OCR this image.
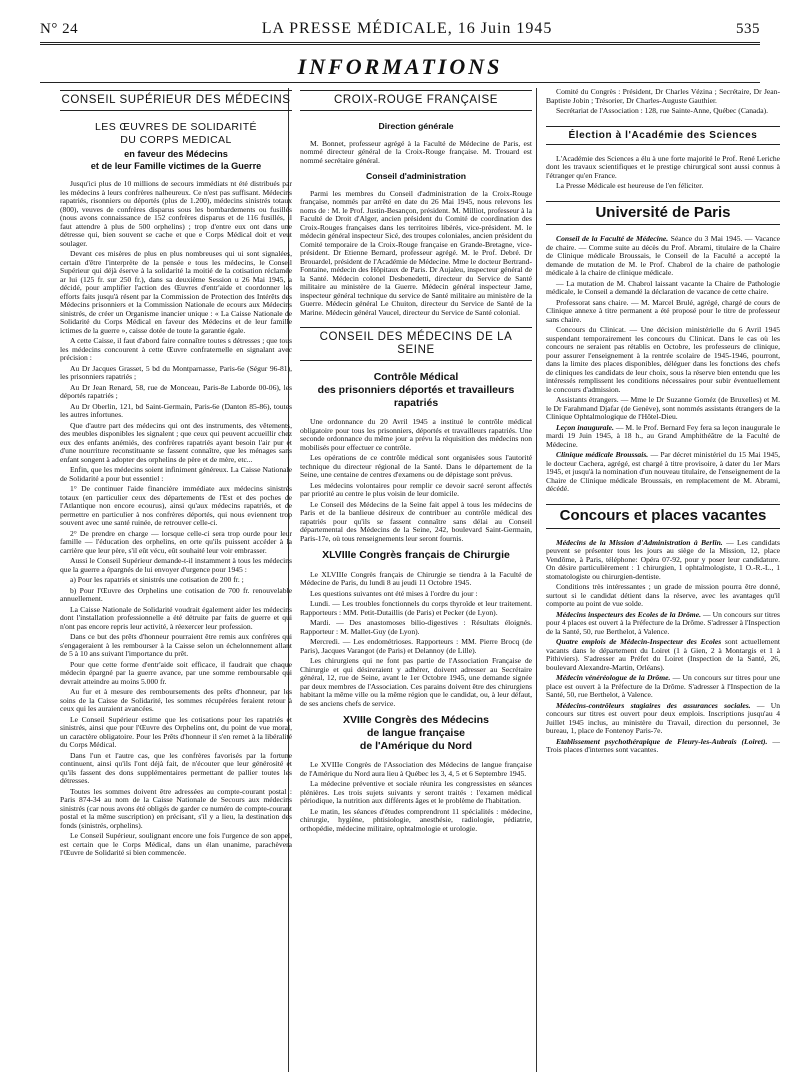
N° 24	LA PRESSE MÉDICALE, 16 Juin 1945	535
INFORMATIONS
CONSEIL SUPÉRIEUR DES MÉDECINS
LES ŒUVRES DE SOLIDARITÉ
DU CORPS MEDICAL
en faveur des Médecins
et de leur Famille victimes de la Guerre

Jusqu'ici plus de 10 millions de secours immédiats nt été distribués par les médecins à leurs confrères nalheureux. Ce n'est pas suffisant. Médecins rapatriés, risonniers ou déportés (plus de 1.200), médecins sinistrés totaux (800), veuves de confrères disparus sous les bombardements ou fusillés (nous avons connaissance de 152 confrères disparus et de 116 fusillés, il faut attendre à plus de 500 orphelins) ; trop d'entre eux ont dans une détresse qui, bien souvent se cache et que e Corps Médical doit et veut soulager.

Devant ces misères de plus en plus nombreuses qui ui sont signalées, certain d'être l'interprète de la pensée e tous les médecins, le Conseil Supérieur qui déjà éserve à la solidarité la moitié de la cotisation réclamée ar lui (125 fr. sur 250 fr.), dans sa deuxième Session u 26 Mai 1945, a décidé, pour amplifier l'action des Œuvres d'entr'aide et coordonner les efforts faits jusqu'à résent par la Commission de Protection des Intérêts des Médecins prisonniers et la Commission Nationale de ecours aux Médecins sinistrés, de créer un Organisme inancier unique : « La Caisse Nationale de Solidarité du Corps Médical en faveur des Médecins et de leur famille ictimes de la guerre », caisse dotée de toute la garantie égale.

A cette Caisse, il faut d'abord faire connaître toutes s détresses ; que tous les médecins concourent à cette Œuvre confraternelle en signalant avec précision :

Au Dr Jacques Grasset, 5 bd du Montparnasse, Paris-6e (Ségur 96-81), les prisonniers rapatriés ;

Au Dr Jean Renard, 58, rue de Monceau, Paris-8e Laborde 00-06), les déportés rapatriés ;

Au Dr Oberlin, 121, bd Saint-Germain, Paris-6e (Danton 85-86), toutes les autres infortunes.

Que d'autre part des médecins qui ont des instruments, des vêtements, des meubles disponibles les signalent ; que ceux qui peuvent accueillir chez eux des enfants anémiés, des confrères rapatriés ayant besoin l'air pur et d'une nourriture reconstituante se fassent connaître, que les ménages sans enfant songent à adopter des orphelins de père et de mère, etc...

Enfin, que les médecins soient infiniment généreux. La Caisse Nationale de Solidarité a pour but essentiel :

1° De continuer l'aide financière immédiate aux médecins sinistrés totaux (en particulier ceux des départements de l'Est et des poches de l'Atlantique non encore ecourus), ainsi qu'aux médecins rapatriés, et de permettre en particulier à nos confrères déportés, qui nous eviennent trop souvent avec une santé ruinée, de retrouver celle-ci.

2° De prendre en charge — lorsque celle-ci sera trop ourde pour leur famille — l'éducation des orphelins, en orte qu'ils puissent accéder à la carrière que leur père, s'il eût vécu, eût souhaité leur voir embrasser.

Aussi le Conseil Supérieur demande-t-il instamment à tous les médecins que la guerre a épargnés de lui envoyer d'urgence pour 1945 :

a) Pour les rapatriés et sinistrés une cotisation de 200 fr. ;

b) Pour l'Œuvre des Orphelins une cotisation de 700 fr. renouvelable annuellement.

La Caisse Nationale de Solidarité voudrait également aider les médecins dont l'installation professionnelle a été détruite par faits de guerre et qui n'ont pas encore repris leur activité, à réexercer leur profession.

Dans ce but des prêts d'honneur pourraient être remis aux confrères qui s'engageraient à les rembourser à la Caisse selon un échelonnement allant de 5 à 10 ans suivant l'importance du prêt.

Pour que cette forme d'entr'aide soit efficace, il faudrait que chaque médecin épargné par la guerre avance, par une somme remboursable qui devrait atteindre au moins 5.000 fr.

Au fur et à mesure des remboursements des prêts d'honneur, par les soins de la Caisse de Solidarité, les sommes récupérées feraient retour à ceux qui les auraient avancées.

Le Conseil Supérieur estime que les cotisations pour les rapatriés et sinistrés, ainsi que pour l'Œuvre des Orphelins ont, du point de vue moral, un caractère obligatoire. Pour les Prêts d'honneur il s'en remet à la libéralité du Corps Médical.

Dans l'un et l'autre cas, que les confrères favorisés par la fortune continuent, ainsi qu'ils l'ont déjà fait, de n'écouter que leur générosité et qu'ils fassent des dons supplémentaires permettant de pallier toutes les détresses.

Toutes les sommes doivent être adressées au compte-courant postal : Paris 874-34 au nom de la Caisse Nationale de Secours aux médecins sinistrés (car nous avons été obligés de garder ce numéro de compte-courant postal et la même suscription) en précisant, s'il y a lieu, la destination des fonds (sinistrés, orphelins).

Le Conseil Supérieur, soulignant encore une fois l'urgence de son appel, est certain que le Corps Médical, dans un élan unanime, parachèvera l'Œuvre de Solidarité si bien commencée.

CROIX-ROUGE FRANÇAISE
Direction générale

M. Bonnet, professeur agrégé à la Faculté de Médecine de Paris, est nommé directeur général de la Croix-Rouge française. M. Trouard est nommé secrétaire général.

Conseil d'administration

Parmi les membres du Conseil d'administration de la Croix-Rouge française, nommés par arrêté en date du 26 Mai 1945, nous relevons les noms de : M. le Prof. Justin-Besançon, président. M. Milliot, professeur à la Faculté de Droit d'Alger, ancien président du Comité de coordination des Croix-Rouges françaises dans les territoires libérés, vice-président. M. le médecin général inspecteur Sicé, des troupes coloniales, ancien président du Comité temporaire de la Croix-Rouge française en Grande-Bretagne, vice-président. Dr Etienne Bernard, professeur agrégé. M. le Prof. Debré. Dr Brouardel, président de l'Académie de Médecine. Mme le docteur Bertrand-Fontaine, médecin des Hôpitaux de Paris. Dr Aujaleu, inspecteur général de la Santé. Médecin colonel Desbenedetti, directeur du Service de Santé militaire au ministère de la Guerre. Médecin général inspecteur Jame, inspecteur général technique du service de Santé militaire au ministère de la Guerre. Médecin général Le Chuiton, directeur du Service de Santé de la Marine. Médecin général Vaucel, directeur du Service de Santé colonial.

CONSEIL DES MÉDECINS DE LA SEINE
Contrôle Médical
des prisonniers déportés et travailleurs rapatriés

Une ordonnance du 20 Avril 1945 a institué le contrôle médical obligatoire pour tous les prisonniers, déportés et travailleurs rapatriés. Une seconde ordonnance du même jour a prévu la réquisition des médecins non mobilisés pour effectuer ce contrôle.

Les opérations de ce contrôle médical sont organisées sous l'autorité technique du directeur régional de la Santé. Dans le département de la Seine, une centaine de centres d'examens ou de dépistage sont prévus.

Les médecins volontaires pour remplir ce devoir sacré seront affectés par priorité au centre le plus voisin de leur domicile.

Le Conseil des Médecins de la Seine fait appel à tous les médecins de Paris et de la banlieue désireux de contribuer au contrôle médical des rapatriés pour qu'ils se fassent connaître sans délai au Conseil départemental des Médecins de la Seine, 242, boulevard Saint-Germain, Paris-17e, où tous renseignements leur seront fournis.

XLVIIIe Congrès français de Chirurgie

Le XLVIIIe Congrès français de Chirurgie se tiendra à la Faculté de Médecine de Paris, du lundi 8 au jeudi 11 Octobre 1945.

Les questions suivantes ont été mises à l'ordre du jour :

Lundi. — Les troubles fonctionnels du corps thyroïde et leur traitement. Rapporteurs : MM. Petit-Dutaillis (de Paris) et Pecker (de Lyon).

Mardi. — Des anastomoses bilio-digestives : Résultats éloignés. Rapporteur : M. Mallet-Guy (de Lyon).

Mercredi. — Les endométrioses. Rapporteurs : MM. Pierre Brocq (de Paris), Jacques Varangot (de Paris) et Delannoy (de Lille).

Les chirurgiens qui ne font pas partie de l'Association Française de Chirurgie et qui désireraient y adhérer, doivent adresser au Secrétaire général, 12, rue de Seine, avant le 1er Octobre 1945, une demande signée par deux membres de l'Association. Ces parains doivent être des chirurgiens habitant la même ville ou la même région que le candidat, ou, à leur défaut, de ses anciens chefs de service.

XVIIIe Congrès des Médecins
de langue française
de l'Amérique du Nord

Le XVIIIe Congrès de l'Association des Médecins de langue française de l'Amérique du Nord aura lieu à Québec les 3, 4, 5 et 6 Septembre 1945.

La médecine préventive et sociale réunira les congressistes en séances plénières. Les trois sujets suivants y seront traités : l'examen médical périodique, la nutrition aux différents âges et le problème de l'habitation.

Le matin, les séances d'études comprendront 11 spécialités : médecine, chirurgie, hygiène, phtisiologie, anesthésie, radiologie, pédiatrie, orthopédie, médecine militaire, ophtalmologie et urologie.

Comité du Congrès : Président, Dr Charles Vézina ; Secrétaire, Dr Jean-Baptiste Jobin ; Trésorier, Dr Charles-Auguste Gauthier.

Secrétariat de l'Association : 128, rue Sainte-Anne, Québec (Canada).

Élection à l'Académie des Sciences

L'Académie des Sciences a élu à une forte majorité le Prof. René Leriche dont les travaux scientifiques et le prestige chirurgical sont aussi connus à l'étranger qu'en France.

La Presse Médicale est heureuse de l'en féliciter.

Université de Paris

Conseil de la Faculté de Médecine. Séance du 3 Mai 1945. — Vacance de chaire. — Comme suite au décès du Prof. Abrami, titulaire de la Chaire de Clinique médicale Broussais, le Conseil de la Faculté a accepté la demande de mutation de M. le Prof. Chabrol de la chaire de pathologie médicale à la chaire de clinique médicale.

— La mutation de M. Chabrol laissant vacante la Chaire de Pathologie médicale, le Conseil a demandé la déclaration de vacance de cette chaire.

Professorat sans chaire. — M. Marcel Brulé, agrégé, chargé de cours de Clinique annexe à titre permanent a été proposé pour le titre de professeur sans chaire.

Concours du Clinicat. — Une décision ministérielle du 6 Avril 1945 suspendant temporairement les concours du Clinicat. Dans le cas où les concours ne seraient pas rétablis en Octobre, les professeurs de clinique, pour assurer l'enseignement à la rentrée scolaire de 1945-1946, pourront, dans la limite des places disponibles, déléguer dans les fonctions des chefs de cliniques les candidats de leur choix, sous la réserve bien entendu que les intéressés remplissent les conditions nécessaires pour subir éventuellement le concours d'admission.

Assistants étrangers. — Mme le Dr Suzanne Goméz (de Bruxelles) et M. le Dr Farahmand Djafar (de Genève), sont nommés assistants étrangers de la Clinique Ophtalmologique de l'Hôtel-Dieu.

Leçon inaugurale. — M. le Prof. Bernard Fey fera sa leçon inaugurale le mardi 19 Juin 1945, à 18 h., au Grand Amphithéâtre de la Faculté de Médecine.

Clinique médicale Broussais. — Par décret ministériel du 15 Mai 1945, le docteur Cachera, agrégé, est chargé à titre provisoire, à dater du 1er Mars 1945, et jusqu'à la nomination d'un nouveau titulaire, de l'enseignement de la Chaire de Clinique médicale Broussais, en remplacement de M. Abrami, décédé.

Concours et places vacantes

Médecins de la Mission d'Administration à Berlin. — Les candidats peuvent se présenter tous les jours au siège de la Mission, 12, place Vendôme, à Paris, téléphone: Opéra 07-92, pour y poser leur candidature. On désire particulièrement : 1 chirurgien, 1 ophtalmologiste, 1 O.-R.-L., 1 stomatologiste ou chirurgien-dentiste.

Conditions très intéressantes ; un grade de mission pourra être donné, surtout si le candidat détient dans la réserve, avec les avantages qu'il comporte au point de vue solde.

Médecins inspecteurs des Ecoles de la Drôme. — Un concours sur titres pour 4 places est ouvert à la Préfecture de la Drôme. S'adresser à l'Inspection de la Santé, 50, rue Berthelot, à Valence.

Quatre emplois de Médecin-Inspecteur des Ecoles sont actuellement vacants dans le département du Loiret (1 à Gien, 2 à Montargis et 1 à Pithiviers). S'adresser au Préfet du Loiret (Inspection de la Santé, 26, boulevard Alexandre-Martin, Orléans).

Médecin vénéréologue de la Drôme. — Un concours sur titres pour une place est ouvert à la Préfecture de la Drôme. S'adresser à l'Inspection de la Santé, 50, rue Berthelot, à Valence.

Médecins-contrôleurs stagiaires des assurances sociales. — Un concours sur titres est ouvert pour deux emplois. Inscriptions jusqu'au 4 Juillet 1945 inclus, au ministère du Travail, direction du personnel, 3e bureau, 1, place de Fontenoy Paris-7e.

Etablissement psychothérapique de Fleury-les-Aubrais (Loiret). — Trois places d'internes sont vacantes.
